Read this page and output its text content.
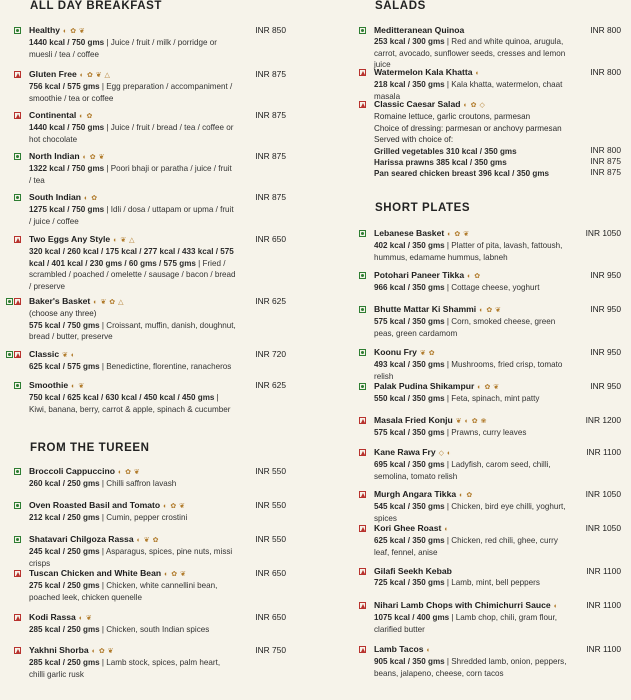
ALL DAY BREAKFAST
Healthy ◐ ✿ ❦
1440 kcal / 750 gms | Juice / fruit / milk / porridge or muesli / tea / coffee
INR 850
Gluten Free ◐ ✿ ❦ △
756 kcal / 575 gms | Egg preparation / accompaniment / smoothie / tea or coffee
INR 875
Continental ◐ ✿
1440 kcal / 750 gms | Juice / fruit / bread / tea / coffee or hot chocolate
INR 875
North Indian ◐ ✿ ❦
1322 kcal / 750 gms | Poori bhaji or paratha / juice / fruit / tea
INR 875
South Indian ◐ ✿
1275 kcal / 750 gms | Idli / dosa / uttapam or upma / fruit / juice / coffee
INR 875
Two Eggs Any Style ◐ ❦ △
320 kcal / 260 kcal / 175 kcal / 277 kcal / 433 kcal / 575 kcal / 401 kcal / 230 gms / 60 gms / 575 gms | Fried / scrambled / poached / omelette / sausage / bacon / bread / preserve
INR 650
Baker's Basket ◐ ❦ ✿ △

(choose any three)
575 kcal / 750 gms | Croissant, muffin, danish, doughnut, bread / butter, preserve
INR 625
Classic ❦ ◐
625 kcal / 575 gms | Benedictine, florentine, ranacheros
INR 720
Smoothie ◐ ❦
750 kcal / 625 kcal / 630 kcal / 450 kcal / 450 gms | Kiwi, banana, berry, carrot & apple, spinach & cucumber
INR 625
FROM THE TUREEN
Broccoli Cappuccino ◐ ✿ ❦
260 kcal / 250 gms | Chilli saffron lavash
INR 550
Oven Roasted Basil and Tomato ◐ ✿ ❦
212 kcal / 250 gms | Cumin, pepper crostini
INR 550
Shatavari Chilgoza Rassa ◐ ❦ ✿
245 kcal / 250 gms | Asparagus, spices, pine nuts, missi crisps
INR 550
Tuscan Chicken and White Bean ◐ ✿ ❦
275 kcal / 250 gms | Chicken, white cannellini bean, poached leek, chicken quenelle
INR 650
Kodi Rassa ◐ ❦
285 kcal / 250 gms | Chicken, south Indian spices
INR 650
Yakhni Shorba ◐ ✿ ❦
285 kcal / 250 gms | Lamb stock, spices, palm heart, chilli garlic rusk
INR 750
SALADS
Meditteranean Quinoa
253 kcal / 300 gms | Red and white quinoa, arugula, carrot, avocado, sunflower seeds, cresses and lemon juice
INR 800
Watermelon Kala Khatta ◐
218 kcal / 350 gms | Kala khatta, watermelon, chaat masala
INR 800
Classic Caesar Salad ◐ ✿ ◇
Romaine lettuce, garlic croutons, parmesan
Choice of dressing: parmesan or anchovy parmesan
Served with choice of:
Grilled vegetables 310 kcal / 350 gms
Harissa prawns 385 kcal / 350 gms
Pan seared chicken breast 396 kcal / 350 gms
INR 800
INR 875
INR 875
SHORT PLATES
Lebanese Basket ◐ ✿ ❦
402 kcal / 350 gms | Platter of pita, lavash, fattoush, hummus, edamame hummus, labneh
INR 1050
Potohari Paneer Tikka ◐ ✿
966 kcal / 350 gms | Cottage cheese, yoghurt
INR 950
Bhutte Mattar Ki Shammi ◐ ✿ ❦
575 kcal / 350 gms | Corn, smoked cheese, green peas, green cardamom
INR 950
Koonu Fry ❦ ✿
493 kcal / 350 gms | Mushrooms, fried crisp, tomato relish
INR 950
Palak Pudina Shikampur ◐ ✿ ❦
550 kcal / 350 gms | Feta, spinach, mint patty
INR 950
Masala Fried Konju ❦ ◐ ✿ ❀
575 kcal / 350 gms | Prawns, curry leaves
INR 1200
Kane Rawa Fry ◇ ◐
695 kcal / 350 gms | Ladyfish, carom seed, chilli, semolina, tomato relish
INR 1100
Murgh Angara Tikka ◐ ✿
545 kcal / 350 gms | Chicken, bird eye chilli, yoghurt, spices
INR 1050
Kori Ghee Roast ◐
625 kcal / 350 gms | Chicken, red chili, ghee, curry leaf, fennel, anise
INR 1050
Gilafi Seekh Kebab
725 kcal / 350 gms | Lamb, mint, bell peppers
INR 1100
Nihari Lamb Chops with Chimichurri Sauce ◐
1075 kcal / 400 gms | Lamb chop, chili, gram flour, clarified butter
INR 1100
Lamb Tacos ◐
905 kcal / 350 gms | Shredded lamb, onion, peppers, beans, jalapeno, cheese, corn tacos
INR 1100
